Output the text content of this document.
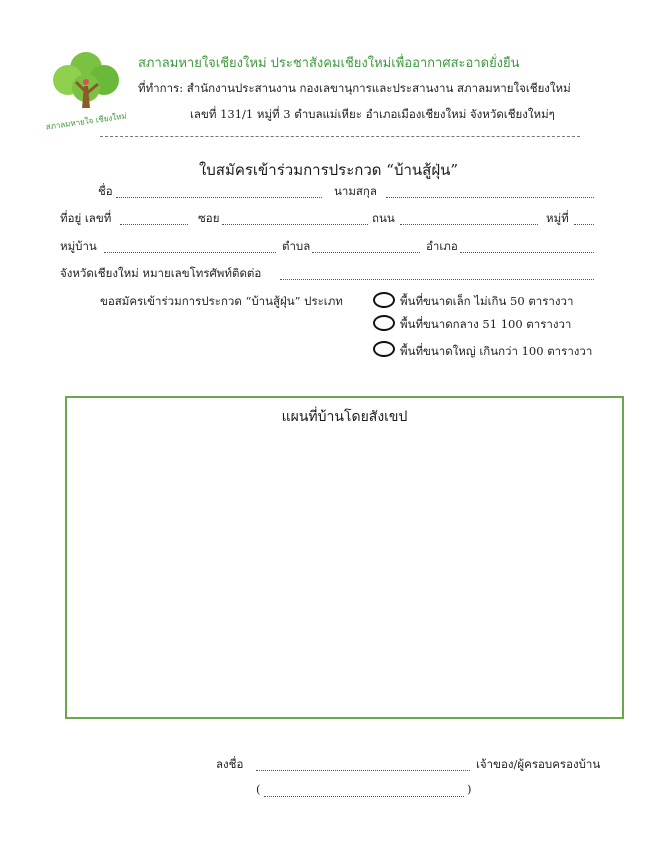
สภาลมหายใจ เชียงใหม่
สภาลมหายใจเชียงใหม่ ประชาสังคมเชียงใหม่เพื่ออากาศสะอาดยั่งยืน
ที่ทำการ: สำนักงานประสานงาน กองเลขานุการและประสานงาน สภาลมหายใจเชียงใหม่
เลขที่ 131/1 หมู่ที่ 3 ตำบลแม่เหียะ อำเภอเมืองเชียงใหม่ จังหวัดเชียงใหม่ๆ
ใบสมัครเข้าร่วมการประกวด “บ้านสู้ฝุ่น”
ชื่อ	นามสกุล
ที่อยู่ เลขที่	ซอย	ถนน	หมู่ที่
หมู่บ้าน	ตำบล	อำเภอ
จังหวัดเชียงใหม่ หมายเลขโทรศัพท์ติดต่อ
ขอสมัครเข้าร่วมการประกวด “บ้านสู้ฝุ่น” ประเภท	พื้นที่ขนาดเล็ก ไม่เกิน 50 ตารางวา
พื้นที่ขนาดกลาง 51 100 ตารางวา
พื้นที่ขนาดใหญ่ เกินกว่า 100 ตารางวา
แผนที่บ้านโดยสังเขป
ลงชื่อ	เจ้าของ/ผู้ครอบครองบ้าน
(	)
